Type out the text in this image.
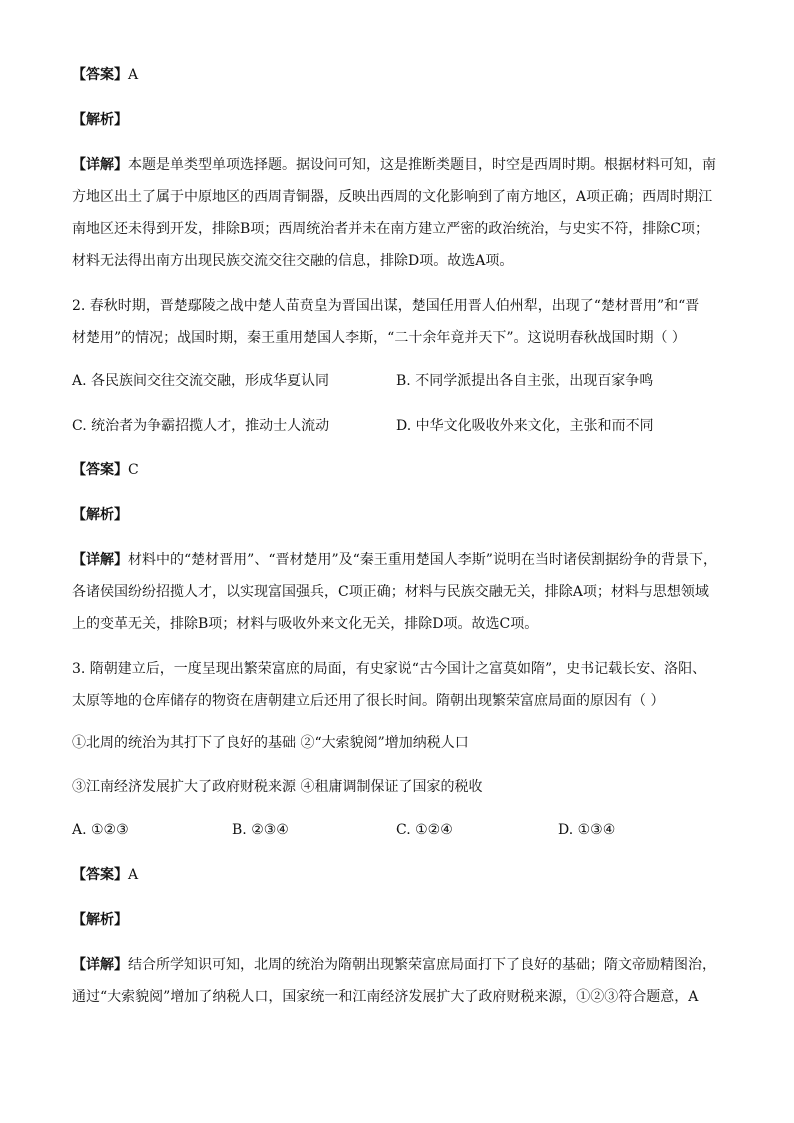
【答案】A
【解析】
【详解】本题是单类型单项选择题。据设问可知，这是推断类题目，时空是西周时期。根据材料可知，南
方地区出土了属于中原地区的西周青铜器，反映出西周的文化影响到了南方地区，A项正确；西周时期江
南地区还未得到开发，排除B项；西周统治者并未在南方建立严密的政治统治，与史实不符，排除C项；
材料无法得出南方出现民族交流交往交融的信息，排除D项。故选A项。
2. 春秋时期，晋楚鄢陵之战中楚人苗贲皇为晋国出谋，楚国任用晋人伯州犁，出现了“楚材晋用”和“晋
材楚用”的情况；战国时期，秦王重用楚国人李斯，“二十余年竟并天下”。这说明春秋战国时期（ ）
A. 各民族间交往交流交融，形成华夏认同	B. 不同学派提出各自主张，出现百家争鸣
C. 统治者为争霸招揽人才，推动士人流动	D. 中华文化吸收外来文化，主张和而不同
【答案】C
【解析】
【详解】材料中的“楚材晋用”、“晋材楚用”及“秦王重用楚国人李斯”说明在当时诸侯割据纷争的背景下，
各诸侯国纷纷招揽人才，以实现富国强兵，C项正确；材料与民族交融无关，排除A项；材料与思想领域
上的变革无关，排除B项；材料与吸收外来文化无关，排除D项。故选C项。
3. 隋朝建立后，一度呈现出繁荣富庶的局面，有史家说“古今国计之富莫如隋”，史书记载长安、洛阳、
太原等地的仓库储存的物资在唐朝建立后还用了很长时间。隋朝出现繁荣富庶局面的原因有（ ）
①北周的统治为其打下了良好的基础 ②“大索貌阅”增加纳税人口
③江南经济发展扩大了政府财税来源 ④租庸调制保证了国家的税收
A. ①②③	B. ②③④	C. ①②④	D. ①③④
【答案】A
【解析】
【详解】结合所学知识可知，北周的统治为隋朝出现繁荣富庶局面打下了良好的基础；隋文帝励精图治，
通过“大索貌阅”增加了纳税人口，国家统一和江南经济发展扩大了政府财税来源，①②③符合题意，A
